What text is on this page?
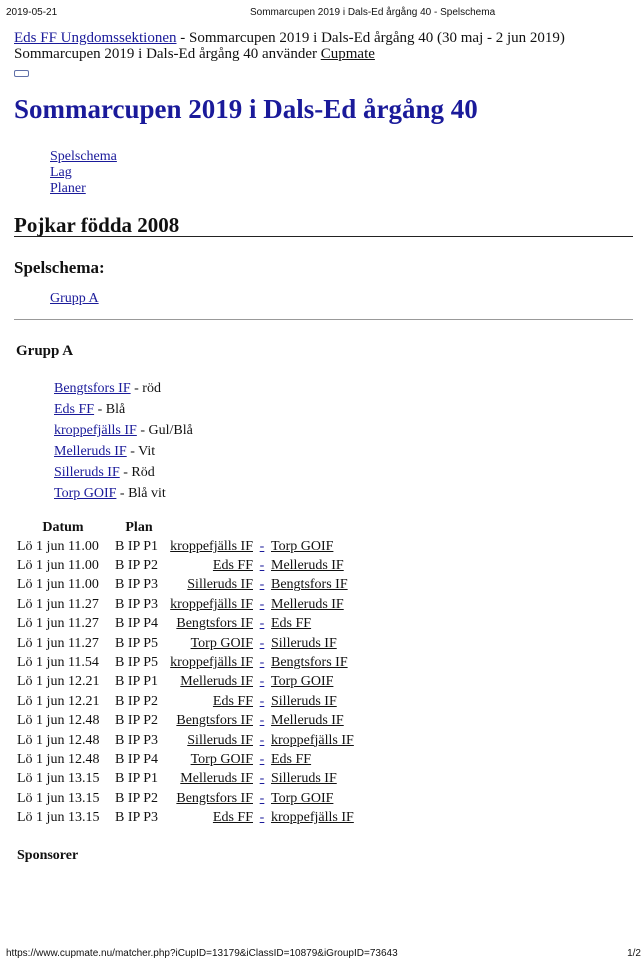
2019-05-21	Sommarcupen 2019 i Dals-Ed årgång 40 - Spelschema
Eds FF Ungdomssektionen - Sommarcupen 2019 i Dals-Ed årgång 40 (30 maj - 2 jun 2019)
Sommarcupen 2019 i Dals-Ed årgång 40 använder Cupmate
Sommarcupen 2019 i Dals-Ed årgång 40
Spelschema
Lag
Planer
Pojkar födda 2008
Spelschema:
Grupp A
Grupp A
Bengtsfors IF - röd
Eds FF - Blå
kroppefjälls IF - Gul/Blå
Melleruds IF - Vit
Silleruds IF - Röd
Torp GOIF - Blå vit
Datum	Plan			
Lö 1 jun 11.00	B IP P1	kroppefjälls IF	-	Torp GOIF
Lö 1 jun 11.00	B IP P2	Eds FF	-	Melleruds IF
Lö 1 jun 11.00	B IP P3	Silleruds IF	-	Bengtsfors IF
Lö 1 jun 11.27	B IP P3	kroppefjälls IF	-	Melleruds IF
Lö 1 jun 11.27	B IP P4	Bengtsfors IF	-	Eds FF
Lö 1 jun 11.27	B IP P5	Torp GOIF	-	Silleruds IF
Lö 1 jun 11.54	B IP P5	kroppefjälls IF	-	Bengtsfors IF
Lö 1 jun 12.21	B IP P1	Melleruds IF	-	Torp GOIF
Lö 1 jun 12.21	B IP P2	Eds FF	-	Silleruds IF
Lö 1 jun 12.48	B IP P2	Bengtsfors IF	-	Melleruds IF
Lö 1 jun 12.48	B IP P3	Silleruds IF	-	kroppefjälls IF
Lö 1 jun 12.48	B IP P4	Torp GOIF	-	Eds FF
Lö 1 jun 13.15	B IP P1	Melleruds IF	-	Silleruds IF
Lö 1 jun 13.15	B IP P2	Bengtsfors IF	-	Torp GOIF
Lö 1 jun 13.15	B IP P3	Eds FF	-	kroppefjälls IF
Sponsorer
https://www.cupmate.nu/matcher.php?iCupID=13179&iClassID=10879&iGroupID=73643	1/2
